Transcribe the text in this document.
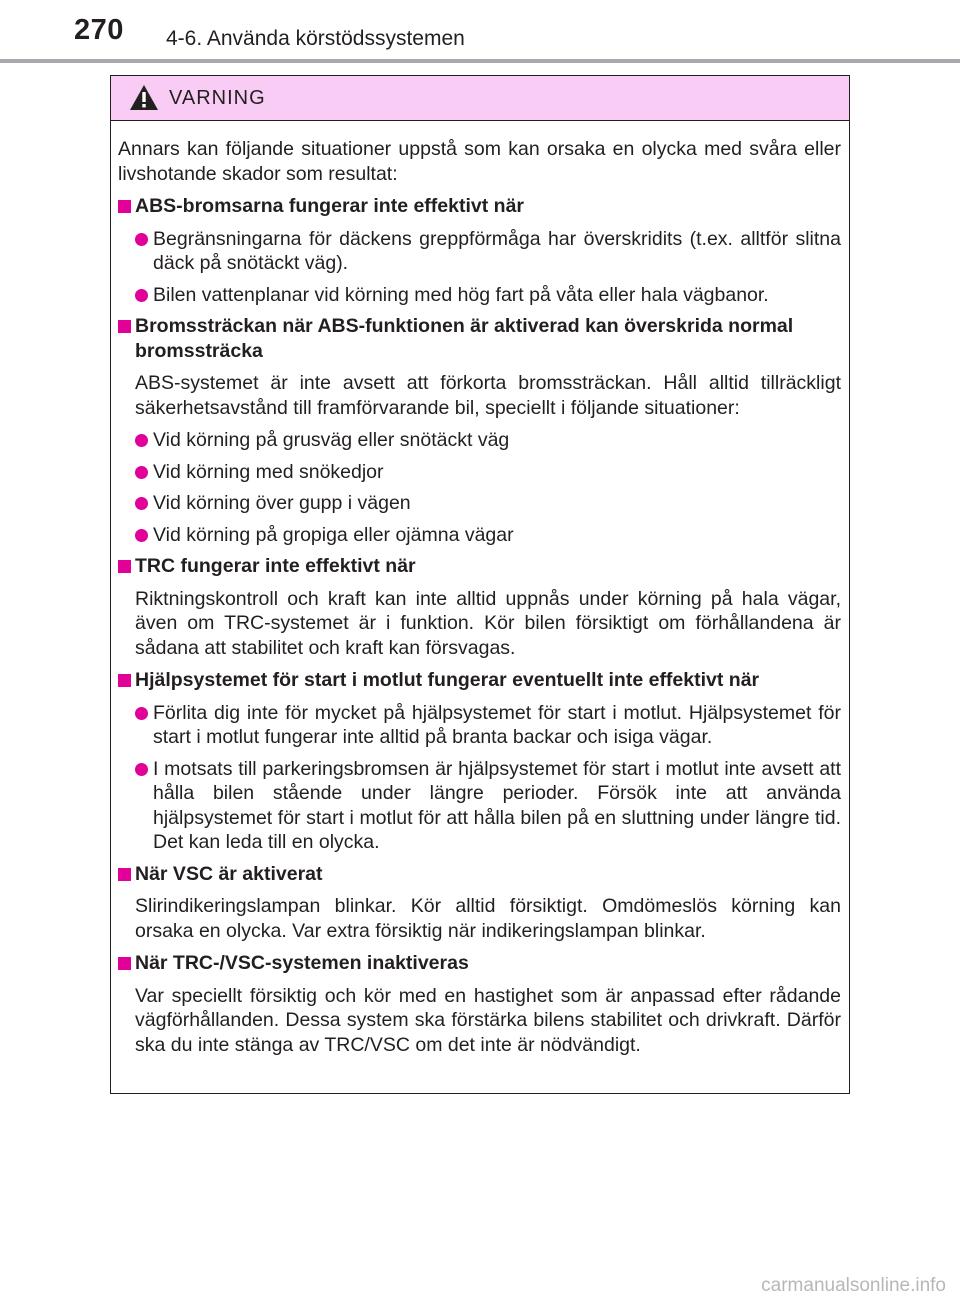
270 4-6. Använda körstödssystemen
VARNING

Annars kan följande situationer uppstå som kan orsaka en olycka med svåra eller livshotande skador som resultat:

ABS-bromsarna fungerar inte effektivt när
Begränsningarna för däckens greppförmåga har överskridits (t.ex. alltför slitna däck på snötäckt väg).
Bilen vattenplanar vid körning med hög fart på våta eller hala vägbanor.
Bromssträckan när ABS-funktionen är aktiverad kan överskrida normal bromssträcka
ABS-systemet är inte avsett att förkorta bromssträckan. Håll alltid tillräckligt säkerhetsavstånd till framförvarande bil, speciellt i följande situationer:
Vid körning på grusväg eller snötäckt väg
Vid körning med snökedjor
Vid körning över gupp i vägen
Vid körning på gropiga eller ojämna vägar
TRC fungerar inte effektivt när
Riktningskontroll och kraft kan inte alltid uppnås under körning på hala vägar, även om TRC-systemet är i funktion. Kör bilen försiktigt om förhållandena är sådana att stabilitet och kraft kan försvagas.
Hjälpsystemet för start i motlut fungerar eventuellt inte effektivt när
Förlita dig inte för mycket på hjälpsystemet för start i motlut. Hjälpsystemet för start i motlut fungerar inte alltid på branta backar och isiga vägar.
I motsats till parkeringsbromsen är hjälpsystemet för start i motlut inte avsett att hålla bilen stående under längre perioder. Försök inte att använda hjälpsystemet för start i motlut för att hålla bilen på en sluttning under längre tid. Det kan leda till en olycka.
När VSC är aktiverat
Slirindikeringslampan blinkar. Kör alltid försiktigt. Omdömeslös körning kan orsaka en olycka. Var extra försiktig när indikeringslampan blinkar.
När TRC-/VSC-systemen inaktiveras
Var speciellt försiktig och kör med en hastighet som är anpassad efter rådande vägförhållanden. Dessa system ska förstärka bilens stabilitet och drivkraft. Därför ska du inte stänga av TRC/VSC om det inte är nödvändigt.
carmanualsonline.info
